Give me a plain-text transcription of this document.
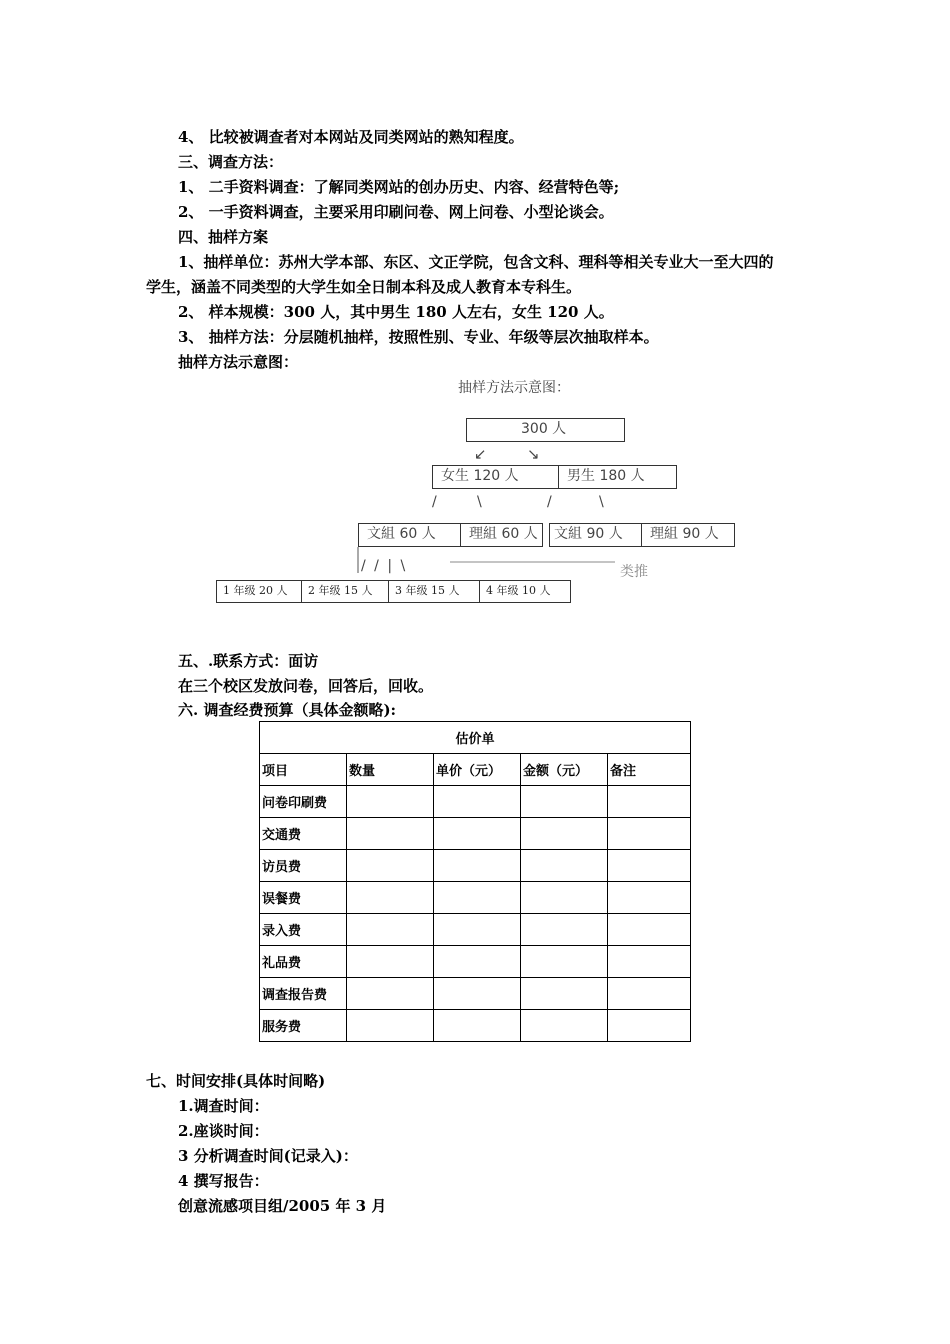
4、 比较被调查者对本网站及同类网站的熟知程度。
三、调查方法：
1、 二手资料调查：了解同类网站的创办历史、内容、经营特色等;
2、 一手资料调查，主要采用印刷问卷、网上问卷、小型论谈会。
四、抽样方案
1、抽样单位：苏州大学本部、东区、文正学院，包含文科、理科等相关专业大一至大四的
学生，涵盖不同类型的大学生如全日制本科及成人教育本专科生。
2、 样本规模：300 人，其中男生 180 人左右，女生 120 人。
3、 抽样方法：分层随机抽样，按照性别、专业、年级等层次抽取样本。
抽样方法示意图：
抽样方法示意图：
300 人
↙	↘
女生 120 人	男生 180 人
/	\	/	\
文組 60 人	理組 60 人	文組 90 人	理組 90 人
/ / | \	类推
1 年级 20 人	2 年级 15 人	3 年级 15 人	4 年级 10 人
五、.联系方式：面访
在三个校区发放问卷，回答后，回收。
六. 调查经费预算（具体金额略):
估价单				
项目	数量	单价（元）	金额（元）	备注
问卷印刷费				
交通费				
访员费				
误餐费				
录入费				
礼品费				
调查报告费				
服务费				
七、时间安排(具体时间略)
1.调查时间：
2.座谈时间：
3 分析调查时间(记录入)：
4 撰写报告：
创意流感项目组/2005 年 3 月
